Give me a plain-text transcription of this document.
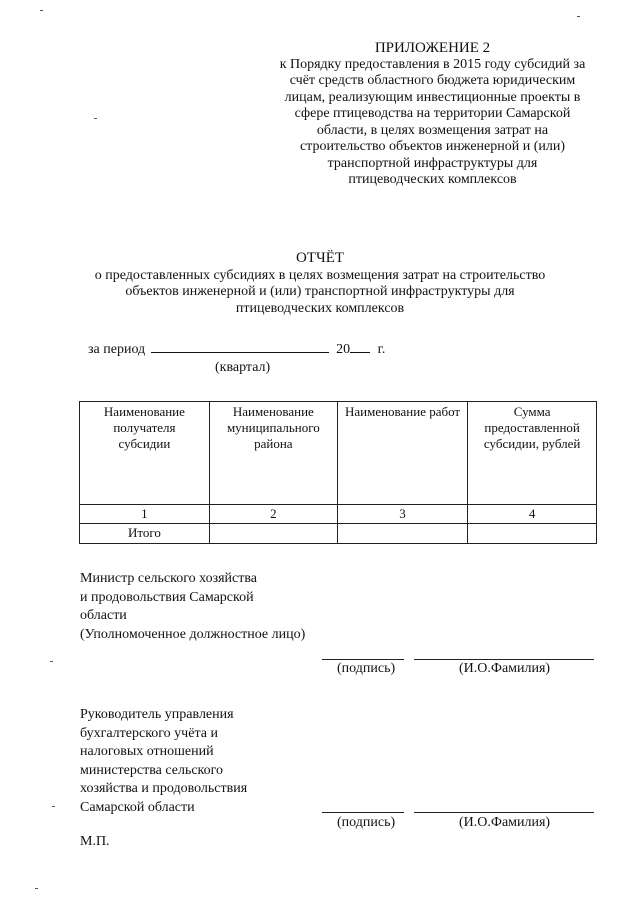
ПРИЛОЖЕНИЕ 2
к Порядку предоставления в 2015 году субсидий за
счёт средств областного бюджета юридическим
лицам, реализующим инвестиционные проекты в
сфере птицеводства на территории Самарской
области, в целях возмещения затрат на
строительство объектов инженерной и (или)
транспортной инфраструктуры для
птицеводческих комплексов
ОТЧЁТ
о предоставленных субсидиях в целях возмещения затрат на строительство
объектов инженерной и (или) транспортной инфраструктуры для
птицеводческих комплексов
за период	20 г.
(квартал)
Наименование получателя субсидии	Наименование муниципального района	Наименование работ	Сумма предоставленной субсидии, рублей
1	2	3	4
Итого			
Министр сельского хозяйства
и продовольствия Самарской
области
(Уполномоченное должностное лицо)
(подпись)	(И.О.Фамилия)
Руководитель управления
бухгалтерского учёта и
налоговых отношений
министерства сельского
хозяйства и продовольствия
Самарской области
(подпись)	(И.О.Фамилия)
М.П.
